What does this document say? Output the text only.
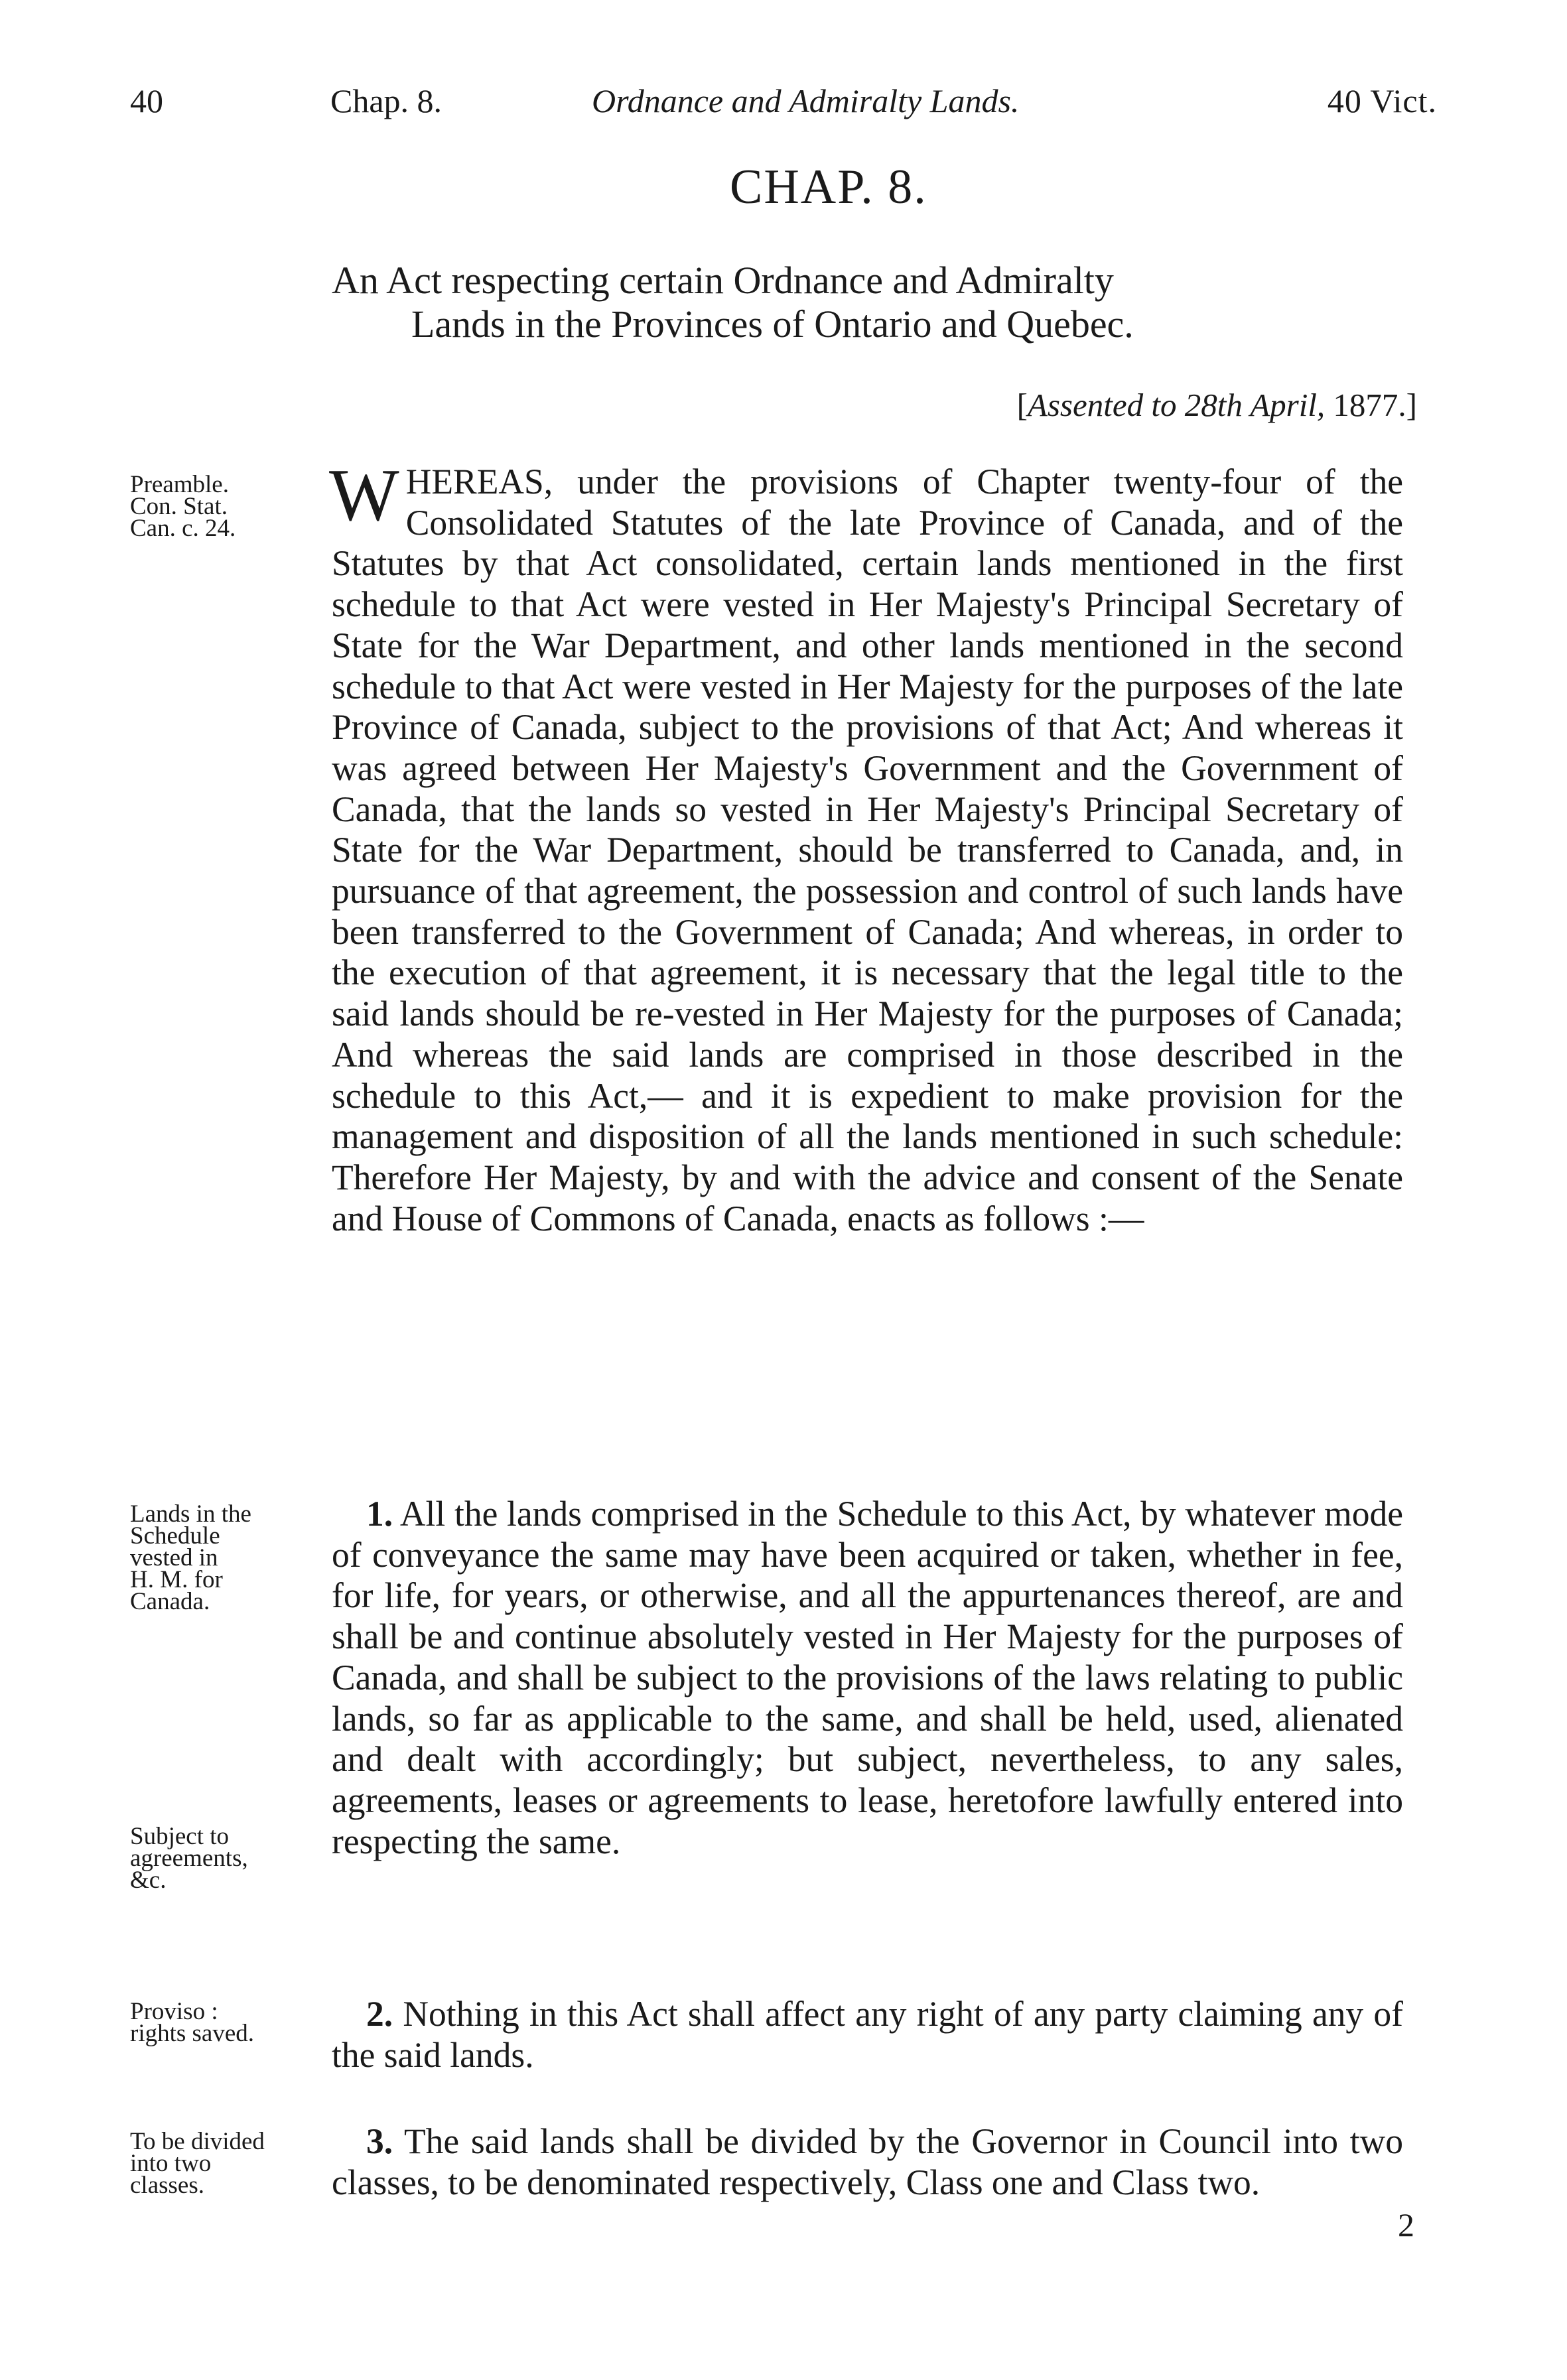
40	Chap. 8.	Ordnance and Admiralty Lands.	40 Vict.
CHAP. 8.

An Act respecting certain Ordnance and Admiralty

Lands in the Provinces of Ontario and Quebec.

[Assented to 28th April, 1877.]

Preamble.

Con. Stat.

Can. c. 24.

Lands in the

Schedule

vested in

H. M. for

Canada.

Subject to

agreements,

&c.

Proviso :

rights saved.

To be divided

into two

classes.

WHEREAS, under the provisions of Chapter twenty-four of the Consolidated Statutes of the late Province of Canada, and of the Statutes by that Act consolidated, certain lands mentioned in the first schedule to that Act were vested in Her Majesty's Principal Secretary of State for the War Department, and other lands mentioned in the second schedule to that Act were vested in Her Majesty for the purposes of the late Province of Canada, subject to the provisions of that Act; And whereas it was agreed between Her Majesty's Government and the Government of Canada, that the lands so vested in Her Majesty's Principal Secretary of State for the War Department, should be transferred to Canada, and, in pursuance of that agreement, the possession and control of such lands have been transferred to the Government of Canada; And whereas, in order to the execution of that agreement, it is necessary that the legal title to the said lands should be re-vested in Her Majesty for the purposes of Canada; And whereas the said lands are comprised in those described in the schedule to this Act,— and it is expedient to make provision for the management and disposition of all the lands mentioned in such schedule: Therefore Her Majesty, by and with the advice and consent of the Senate and House of Commons of Canada, enacts as follows :—

1. All the lands comprised in the Schedule to this Act, by whatever mode of conveyance the same may have been acquired or taken, whether in fee, for life, for years, or otherwise, and all the appurtenances thereof, are and shall be and continue absolutely vested in Her Majesty for the purposes of Canada, and shall be subject to the provisions of the laws relating to public lands, so far as applicable to the same, and shall be held, used, alienated and dealt with accordingly; but subject, nevertheless, to any sales, agreements, leases or agreements to lease, heretofore lawfully entered into respecting the same.

2. Nothing in this Act shall affect any right of any party claiming any of the said lands.

3. The said lands shall be divided by the Governor in Council into two classes, to be denominated respectively, Class one and Class two.

2
